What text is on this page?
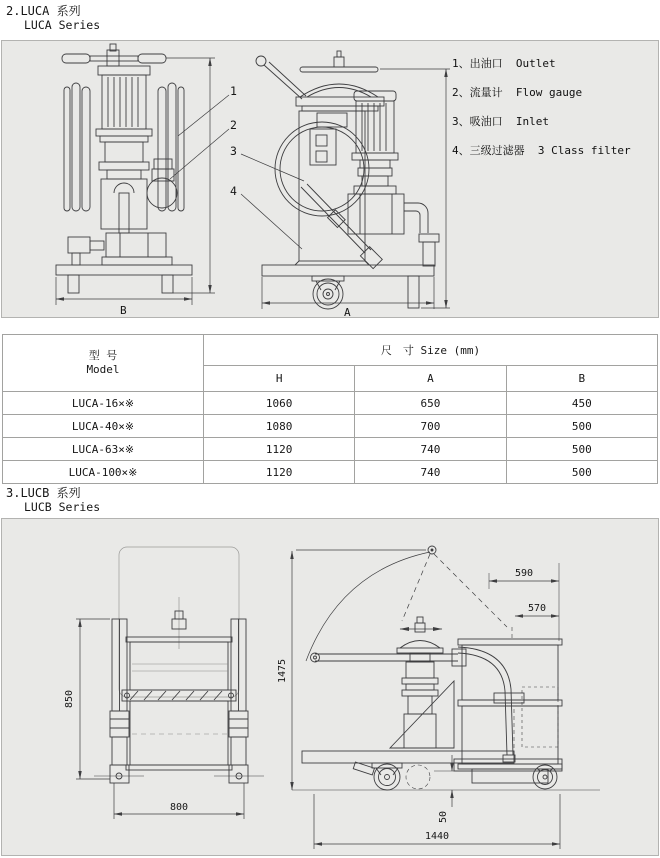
2.LUCA 系列
LUCA Series
1
2
3
4
B	A
1、出油口  Outlet
2、流量计  Flow gauge
3、吸油口  Inlet
4、三级过滤器  3 Class filter
型 号
Model	尺　寸 Size (mm)		
	H	A	B
LUCA-16×※	1060	650	450
LUCA-40×※	1080	700	500
LUCA-63×※	1120	740	500
LUCA-100×※	1120	740	500
3.LUCB 系列
LUCB Series
850
1475
800
590
570
50
1440
